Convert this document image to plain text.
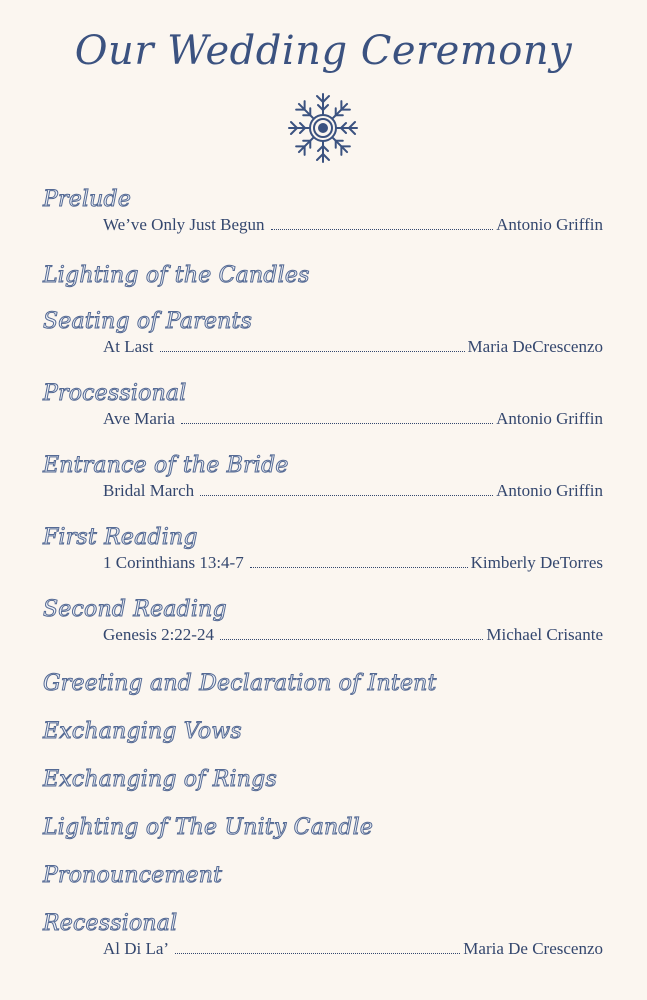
Our Wedding Ceremony
Prelude
We’ve Only Just Begun	Antonio Griffin
Lighting of the Candles
Seating of Parents
At Last	Maria DeCrescenzo
Processional
Ave Maria	Antonio Griffin
Entrance of the Bride
Bridal March	Antonio Griffin
First Reading
1 Corinthians 13:4-7	Kimberly DeTorres
Second Reading
Genesis 2:22-24	Michael Crisante
Greeting and Declaration of Intent
Exchanging Vows
Exchanging of Rings
Lighting of The Unity Candle
Pronouncement
Recessional
Al Di La’	Maria De Crescenzo
